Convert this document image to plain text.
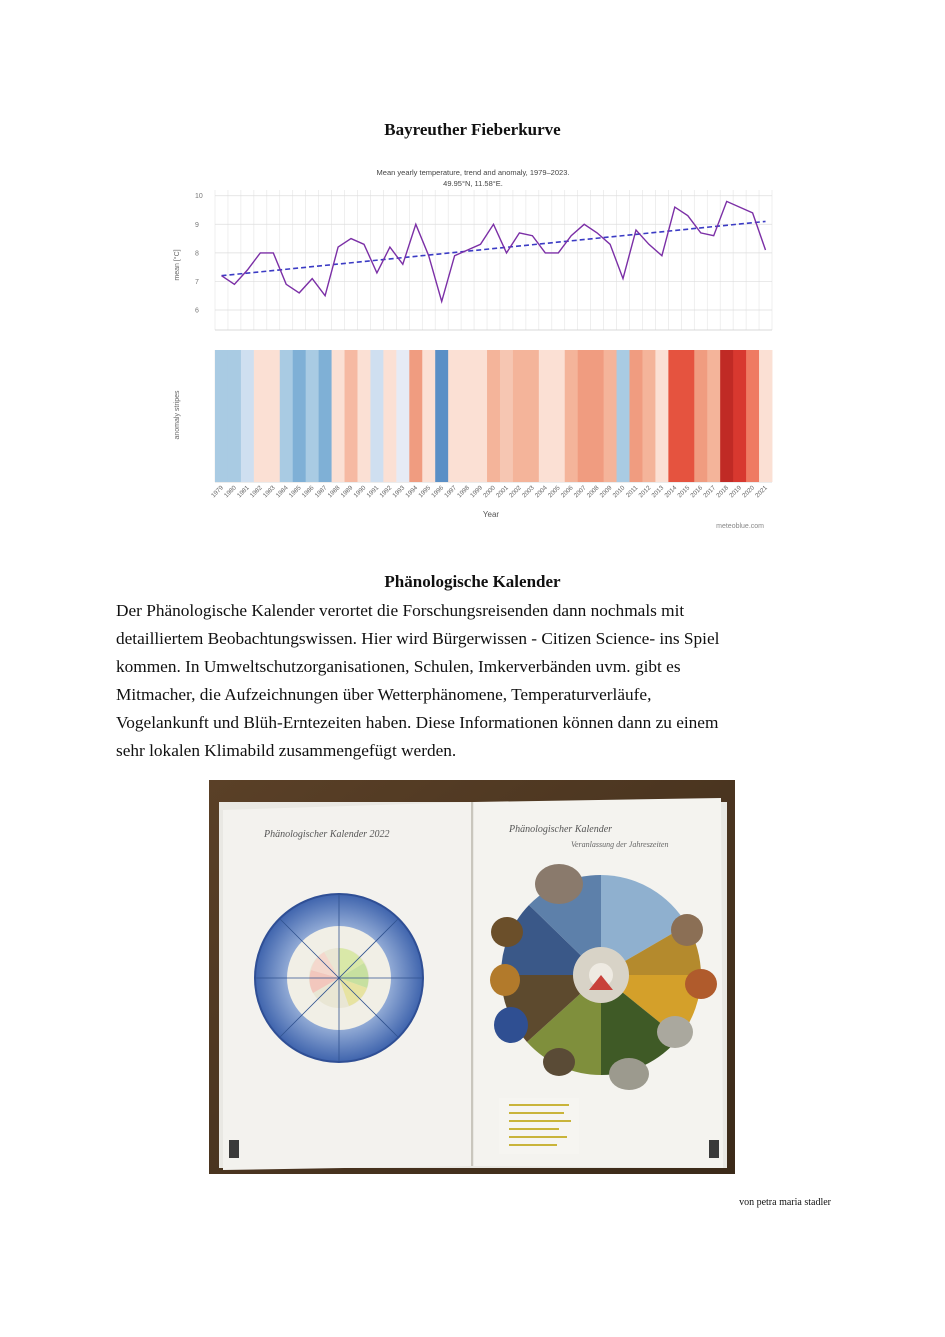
Bayreuther Fieberkurve
Mean yearly temperature, trend and anomaly, 1979–2023.
49.95°N, 11.58°E.
mean [°C]
anomaly stripes
6
7
8
9
10
1979
1980
1981
1982
1983
1984
1985
1986
1987
1988
1989
1990
1991
1992
1993
1994
1995
1996
1997
1998
1999
2000
2001
2002
2003
2004
2005
2006
2007
2008
2009
2010
2011
2012
2013
2014
2015
2016
2017
2018
2019
2020
2021
Year
meteoblue.com
Phänologische Kalender

Der Phänologische Kalender verortet die Forschungsreisenden dann nochmals mit
detailliertem Beobachtungswissen. Hier wird Bürgerwissen - Citizen Science- ins Spiel
kommen. In Umweltschutzorganisationen, Schulen, Imkerverbänden uvm. gibt es
Mitmacher, die Aufzeichnungen über Wetterphänomene, Temperaturverläufe,
Vogelankunft und Blüh-Erntezeiten haben. Diese Informationen können dann zu einem
sehr lokalen Klimabild zusammengefügt werden.

Phänologischer Kalender 2022	Phänologischer Kalender
Veranlassung der Jahreszeiten
von petra maria stadler
